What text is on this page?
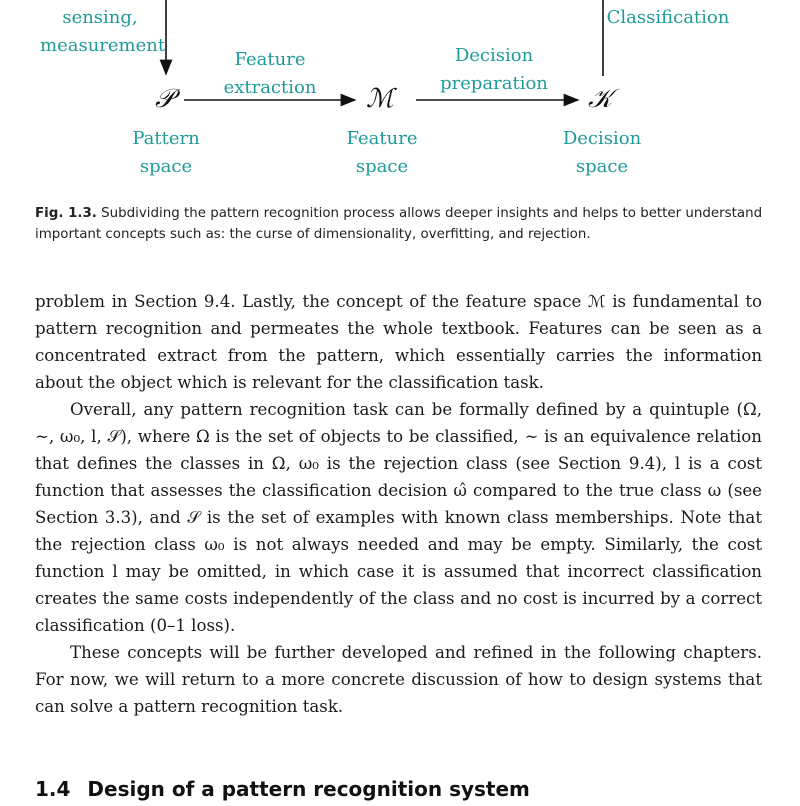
sensing,
measurement
Classification
Feature
extraction
Decision
preparation
𝒫	ℳ	𝒦
Pattern
space
Feature
space
Decision
space
Fig. 1.3. Subdividing the pattern recognition process allows deeper insights and helps to better understand important concepts such as: the curse of dimensionality, overfitting, and rejection.

problem in Section 9.4. Lastly, the concept of the feature space ℳ is fundamental to pattern recognition and permeates the whole textbook. Features can be seen as a concentrated extract from the pattern, which essentially carries the information about the object which is relevant for the classification task.

Overall, any pattern recognition task can be formally defined by a quintuple (Ω, ∼, ω₀, l, 𝒮), where Ω is the set of objects to be classified, ∼ is an equivalence relation that defines the classes in Ω, ω₀ is the rejection class (see Section 9.4), l is a cost function that assesses the classification decision ω̂ compared to the true class ω (see Section 3.3), and 𝒮 is the set of examples with known class memberships. Note that the rejection class ω₀ is not always needed and may be empty. Similarly, the cost function l may be omitted, in which case it is assumed that incorrect classification creates the same costs independently of the class and no cost is incurred by a correct classification (0–1 loss).

These concepts will be further developed and refined in the following chapters. For now, we will return to a more concrete discussion of how to design systems that can solve a pattern recognition task.

1.4 Design of a pattern recognition system
